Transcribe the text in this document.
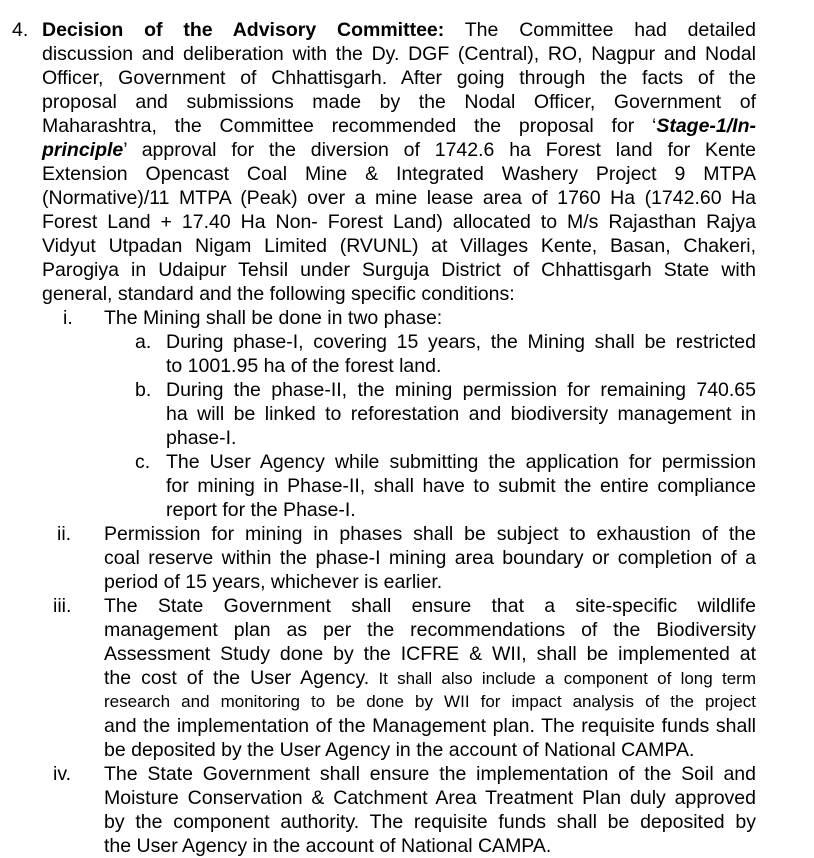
4. Decision of the Advisory Committee: The Committee had detailed
discussion and deliberation with the Dy. DGF (Central), RO, Nagpur and Nodal
Officer, Government of Chhattisgarh. After going through the facts of the
proposal and submissions made by the Nodal Officer, Government of
Maharashtra, the Committee recommended the proposal for ‘Stage-1/In-
principle’ approval for the diversion of 1742.6 ha Forest land for Kente
Extension Opencast Coal Mine & Integrated Washery Project 9 MTPA
(Normative)/11 MTPA (Peak) over a mine lease area of 1760 Ha (1742.60 Ha
Forest Land + 17.40 Ha Non- Forest Land) allocated to M/s Rajasthan Rajya
Vidyut Utpadan Nigam Limited (RVUNL) at Villages Kente, Basan, Chakeri,
Parogiya in Udaipur Tehsil under Surguja District of Chhattisgarh State with
general, standard and the following specific conditions:
i. The Mining shall be done in two phase:
a. During phase-I, covering 15 years, the Mining shall be restricted
to 1001.95 ha of the forest land.
b. During the phase-II, the mining permission for remaining 740.65
ha will be linked to reforestation and biodiversity management in
phase-I.
c. The User Agency while submitting the application for permission
for mining in Phase-II, shall have to submit the entire compliance
report for the Phase-I.
ii. Permission for mining in phases shall be subject to exhaustion of the
coal reserve within the phase-I mining area boundary or completion of a
period of 15 years, whichever is earlier.
iii. The State Government shall ensure that a site-specific wildlife
management plan as per the recommendations of the Biodiversity
Assessment Study done by the ICFRE & WII, shall be implemented at
the cost of the User Agency. It shall also include a component of long term
research and monitoring to be done by WII for impact analysis of the project
and the implementation of the Management plan. The requisite funds shall
be deposited by the User Agency in the account of National CAMPA.
iv. The State Government shall ensure the implementation of the Soil and
Moisture Conservation & Catchment Area Treatment Plan duly approved
by the component authority. The requisite funds shall be deposited by
the User Agency in the account of National CAMPA.
